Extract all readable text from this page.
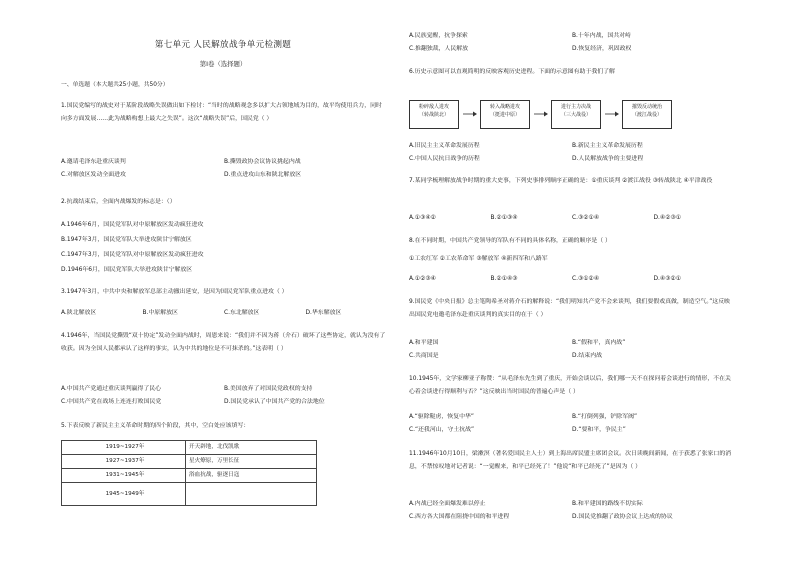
第七单元 人民解放战争单元检测题
第Ⅰ卷（选择题）
一、单选题（本大题共25小题，共50分）

1.国民党编写的战史对于某阶段战略失误做出如下检讨：“当时的战略观念多以扩大占领地域为目的，故平均使用兵力，同时向多方面发展……此为战略构想上最大之失误”。这次“战略失误”后，国民党（ ）

A.邀请毛泽东赴重庆谈判	B.撕毁政协会议协议挑起内战
C.对解放区发动全面进攻	D.重点进攻山东和陕北解放区

2.抗战结束后，全面内战爆发的标志是：（）

A.1946年6月，国民党军队对中原解放区发动疯狂进攻
B.1947年3月，国民党军队大举进攻陕甘宁解放区
C.1947年3月，国民党军队对中原解放区发动疯狂进攻
D.1946年6月，国民党军队大举进攻陕甘宁解放区

3.1947年3月，中共中央和解放军总部主动撤出延安，是因为国民党军队重点进攻（ ）

A.陕北解放区	B.中原解放区	C.东北解放区	D.华东解放区

4.1946年，当国民党撕毁“双十协定”发动全面内战时，周恩来说：“我们并不因为蒋（介石）破坏了这些协定，就认为没有了收获。因为全国人民都承认了这样的事实，认为中共的地位是不可抹杀的。”这表明（ ）

A.中国共产党通过重庆谈判赢得了民心	B.美国放弃了对国民党政权的支持
C.中国共产党在战场上连连打败国民党	D.国民党承认了中国共产党的合法地位

5.下表反映了新民主主义革命时期的四个阶段，其中，空白处应该填写：

1919~1927年	开天辟地，北伐凯歌
1927~1937年	星火燎原，万里长征
1931~1945年	浴血抗战，驱逐日寇
1945~1949年	
A.民族觉醒，抗争探索	B.十年内战，国共对峙
C.推翻独裁，人民解放	D.恢复经济，巩固政权

6.历史示意图可以直观简明的反映客观历史进程。下面的示意图有助于我们了解

粉碎敌人进攻
（转战陕北）
转入战略进攻
（挺进中原）
进行主力决战
（三大战役）
摧毁反动统治
（渡江战役）
A.旧民主主义革命发展历程	B.新民主主义革命发展历程
C.中国人民抗日战争的历程	D.人民解放战争的主要进程

7.某同学梳理解放战争时期的重大史事，下列史事排列顺序正确的是：①重庆谈判 ②渡江战役 ③转战陕北 ④平津战役

A.①③④②	B.②①③④	C.③②①④	D.④②③①

8.在不同时期，中国共产党领导的军队有不同的具体名称，正确的顺序是（ ）

①工农红军 ②工农革命军 ③解放军 ④新四军和八路军

A.①②③④	B.②①④③	C.③①②④	D.④③②①

9.国民党《中央日报》总主笔陶希圣对蒋介石的解释说：“我们明知共产党不会来谈判，我们要假戏真做，制造空气。”这反映出国民党电邀毛泽东赴重庆谈判的真实目的在于（ ）

A.和平建国	B.“假和平，真内战”
C.共商国是	D.结束内战

10.1945年，文学家柳亚子称赞：“从毛泽东先生到了重庆，开始会谈以后，我们哪一天不在探问着会谈进行的情形，不在关心着会谈进行得顺利与否？”这反映出当时国民的普遍心声是（ ）

A.“驱除鞑虏，恢复中华”	B.“打倒列强，铲除军阀”
C.“还我河山，守土抗战”	D.“要和平，争民主”

11.1946年10月10日，梁漱溟（著名爱国民主人士）到上海出席民盟主席团会议。次日读晚间新闻，在于获悉了张家口的消息，不禁惊叹地对记者说：“一觉醒来，和平已经死了！”他说“和平已经死了”是因为（ ）

A.内战已经全面爆发难以停止	B.和平建国的路线不切实际
C.西方各大国都在阻挠中国的和平进程	D.国民党推翻了政协会议上达成的协议
